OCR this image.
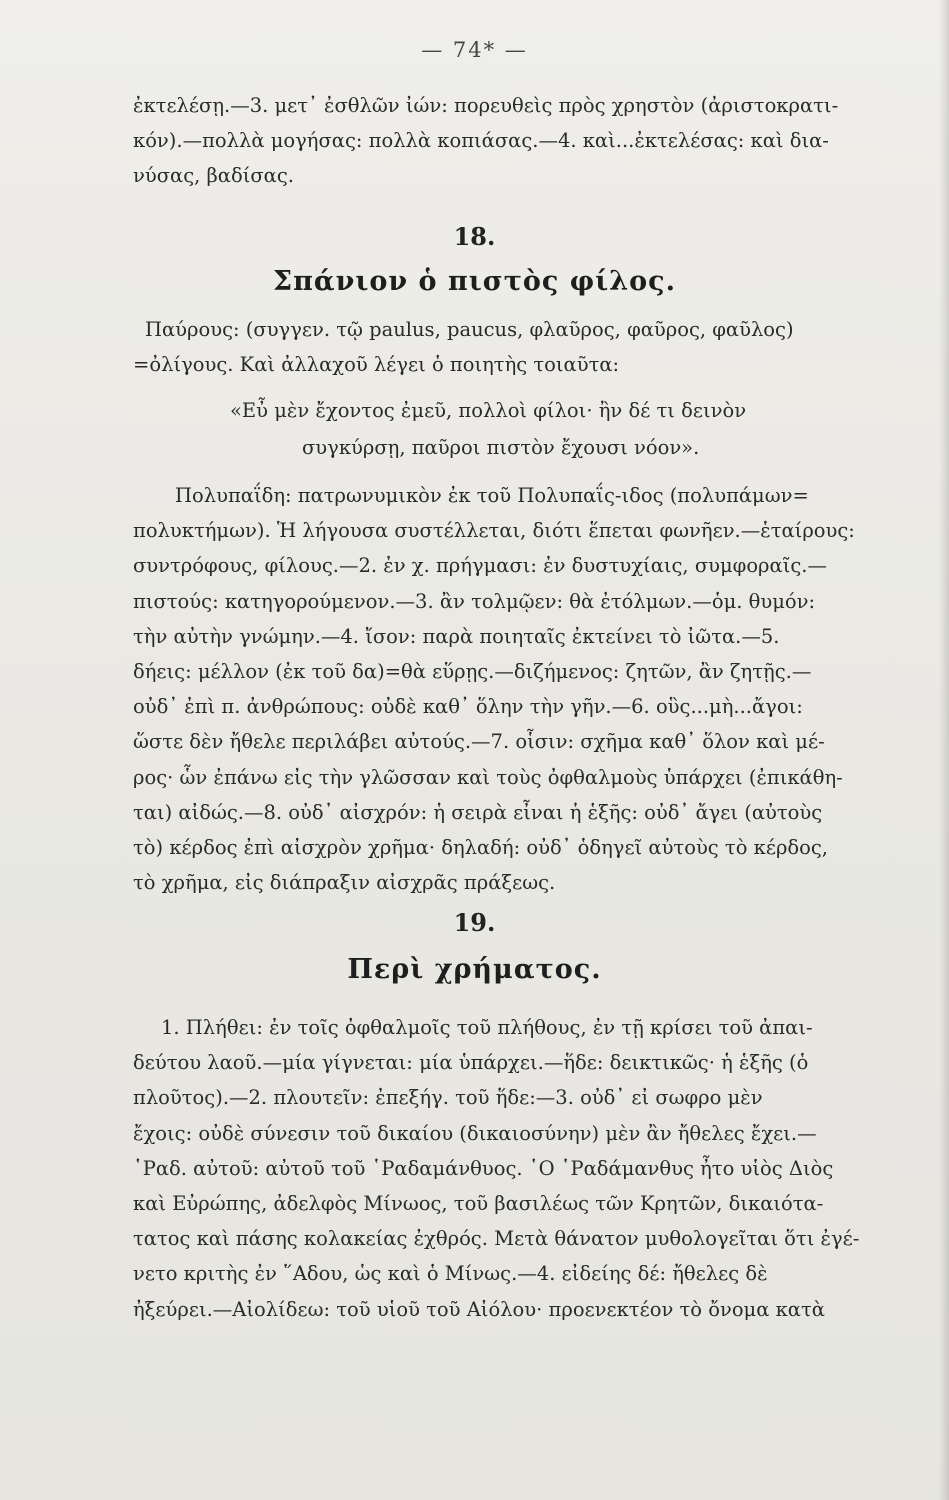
— 74* —
ἐκτελέσῃ.—3. μετ᾽ ἐσθλῶν ἰών: πορευθεὶς πρὸς χρηστὸν (ἀριστοκρατι-
κόν).—πολλὰ μογήσας: πολλὰ κοπιάσας.—4. καὶ...ἐκτελέσας: καὶ δια-
νύσας, βαδίσας.
18.
Σπάνιον ὁ πιστὸς φίλος.
Παύρους: (συγγεν. τῷ paulus, paucus, φλαῦρος, φαῦρος, φαῦλος)
=ὀλίγους. Καὶ ἀλλαχοῦ λέγει ὁ ποιητὴς τοιαῦτα:
«Εὖ μὲν ἔχοντος ἐμεῦ, πολλοὶ φίλοι· ἢν δέ τι δεινὸν
συγκύρσῃ, παῦροι πιστὸν ἔχουσι νόον».
Πολυπαΐδη: πατρωνυμικὸν ἐκ τοῦ Πολυπαΐς-ιδος (πολυπάμων=
πολυκτήμων). Ἡ λήγουσα συστέλλεται, διότι ἕπεται φωνῆεν.—ἑταίρους:
συντρόφους, φίλους.—2. ἐν χ. πρήγμασι: ἐν δυστυχίαις, συμφοραῖς.—
πιστούς: κατηγορούμενον.—3. ἂν τολμῷεν: θὰ ἐτόλμων.—ὁμ. θυμόν:
τὴν αὐτὴν γνώμην.—4. ἴσον: παρὰ ποιηταῖς ἐκτείνει τὸ ἰῶτα.—5.
δήεις: μέλλον (ἐκ τοῦ δα)=θὰ εὕρῃς.—διζήμενος: ζητῶν, ἂν ζητῇς.—
οὐδ᾽ ἐπὶ π. ἀνθρώπους: οὐδὲ καθ᾽ ὅλην τὴν γῆν.—6. οὓς...μὴ...ἄγοι:
ὥστε δὲν ἤθελε περιλάβει αὐτούς.—7. οἷσιν: σχῆμα καθ᾽ ὅλον καὶ μέ-
ρος· ὧν ἐπάνω εἰς τὴν γλῶσσαν καὶ τοὺς ὀφθαλμοὺς ὑπάρχει (ἐπικάθη-
ται) αἰδώς.—8. οὐδ᾽ αἰσχρόν: ἡ σειρὰ εἶναι ἡ ἑξῆς: οὐδ᾽ ἄγει (αὐτοὺς
τὸ) κέρδος ἐπὶ αἰσχρὸν χρῆμα· δηλαδή: οὐδ᾽ ὁδηγεῖ αὐτοὺς τὸ κέρδος,
τὸ χρῆμα, εἰς διάπραξιν αἰσχρᾶς πράξεως.
19.
Περὶ χρήματος.
1. Πλήθει: ἐν τοῖς ὀφθαλμοῖς τοῦ πλήθους, ἐν τῇ κρίσει τοῦ ἀπαι-
δεύτου λαοῦ.—μία γίγνεται: μία ὑπάρχει.—ἥδε: δεικτικῶς· ἡ ἑξῆς (ὁ
πλοῦτος).—2. πλουτεῖν: ἐπεξήγ. τοῦ ἥδε:—3. οὐδ᾽ εἰ σωφρο μὲν
ἔχοις: οὐδὲ σύνεσιν τοῦ δικαίου (δικαιοσύνην) μὲν ἂν ἤθελες ἔχει.—
῾Ραδ. αὐτοῦ: αὐτοῦ τοῦ ῾Ραδαμάνθυος. ῾Ο ῾Ραδάμανθυς ἦτο υἱὸς Διὸς
καὶ Εὐρώπης, ἀδελφὸς Μίνωος, τοῦ βασιλέως τῶν Κρητῶν, δικαιότα-
τατος καὶ πάσης κολακείας ἐχθρός. Μετὰ θάνατον μυθολογεῖται ὅτι ἐγέ-
νετο κριτὴς ἐν ῞Αδου, ὡς καὶ ὁ Μίνως.—4. εἰδείης δέ: ἤθελες δὲ
ἠξεύρει.—Αἰολίδεω: τοῦ υἱοῦ τοῦ Αἰόλου· προενεκτέον τὸ ὄνομα κατὰ
